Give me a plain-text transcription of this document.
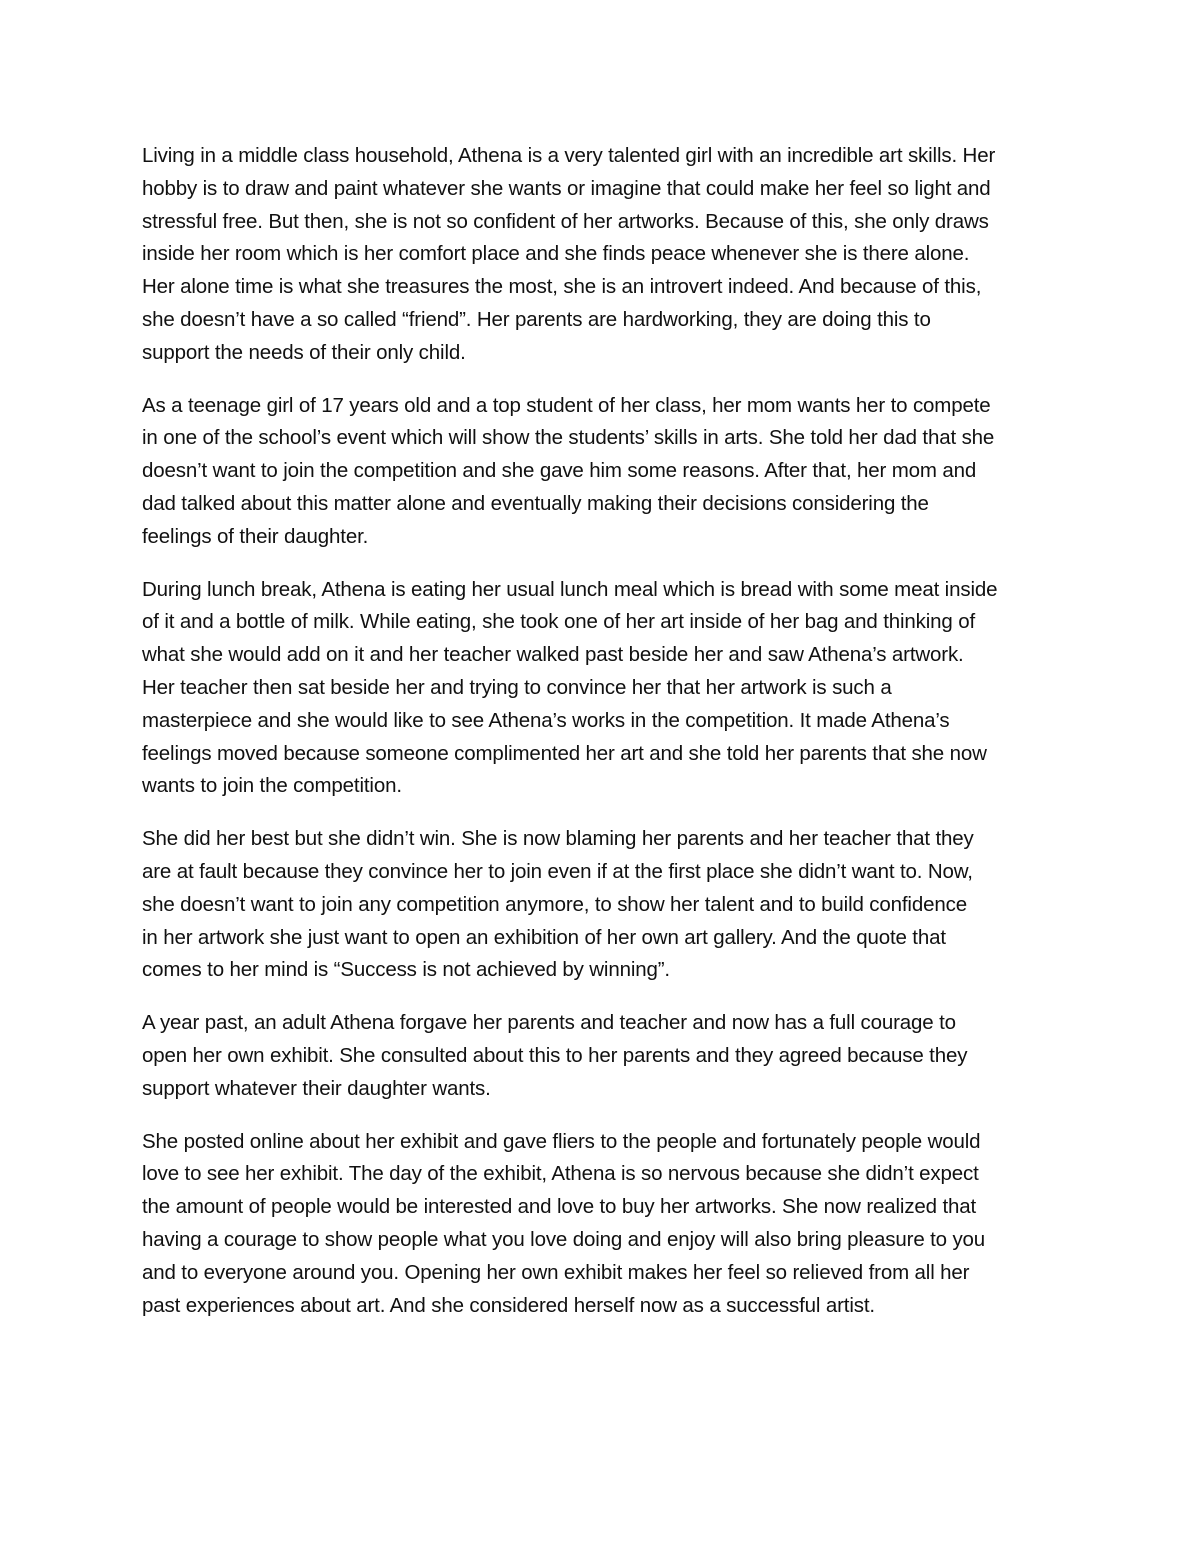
Living in a middle class household, Athena is a very talented girl with an incredible art skills. Her
hobby is to draw and paint whatever she wants or imagine that could make her feel so light and
stressful free. But then, she is not so confident of her artworks. Because of this, she only draws
inside her room which is her comfort place and she finds peace whenever she is there alone.
Her alone time is what she treasures the most, she is an introvert indeed. And because of this,
she doesn’t have a so called “friend”. Her parents are hardworking, they are doing this to
support the needs of their only child.

As a teenage girl of 17 years old and a top student of her class, her mom wants her to compete
in one of the school’s event which will show the students’ skills in arts. She told her dad that she
doesn’t want to join the competition and she gave him some reasons. After that, her mom and
dad talked about this matter alone and eventually making their decisions considering the
feelings of their daughter.

During lunch break, Athena is eating her usual lunch meal which is bread with some meat inside
of it and a bottle of milk. While eating, she took one of her art inside of her bag and thinking of
what she would add on it and her teacher walked past beside her and saw Athena’s artwork.
Her teacher then sat beside her and trying to convince her that her artwork is such a
masterpiece and she would like to see Athena’s works in the competition. It made Athena’s
feelings moved because someone complimented her art and she told her parents that she now
wants to join the competition.

She did her best but she didn’t win. She is now blaming her parents and her teacher that they
are at fault because they convince her to join even if at the first place she didn’t want to. Now,
she doesn’t want to join any competition anymore, to show her talent and to build confidence
in her artwork she just want to open an exhibition of her own art gallery. And the quote that
comes to her mind is “Success is not achieved by winning”.

A year past, an adult Athena forgave her parents and teacher and now has a full courage to
open her own exhibit. She consulted about this to her parents and they agreed because they
support whatever their daughter wants.

She posted online about her exhibit and gave fliers to the people and fortunately people would
love to see her exhibit. The day of the exhibit, Athena is so nervous because she didn’t expect
the amount of people would be interested and love to buy her artworks. She now realized that
having a courage to show people what you love doing and enjoy will also bring pleasure to you
and to everyone around you. Opening her own exhibit makes her feel so relieved from all her
past experiences about art. And she considered herself now as a successful artist.
